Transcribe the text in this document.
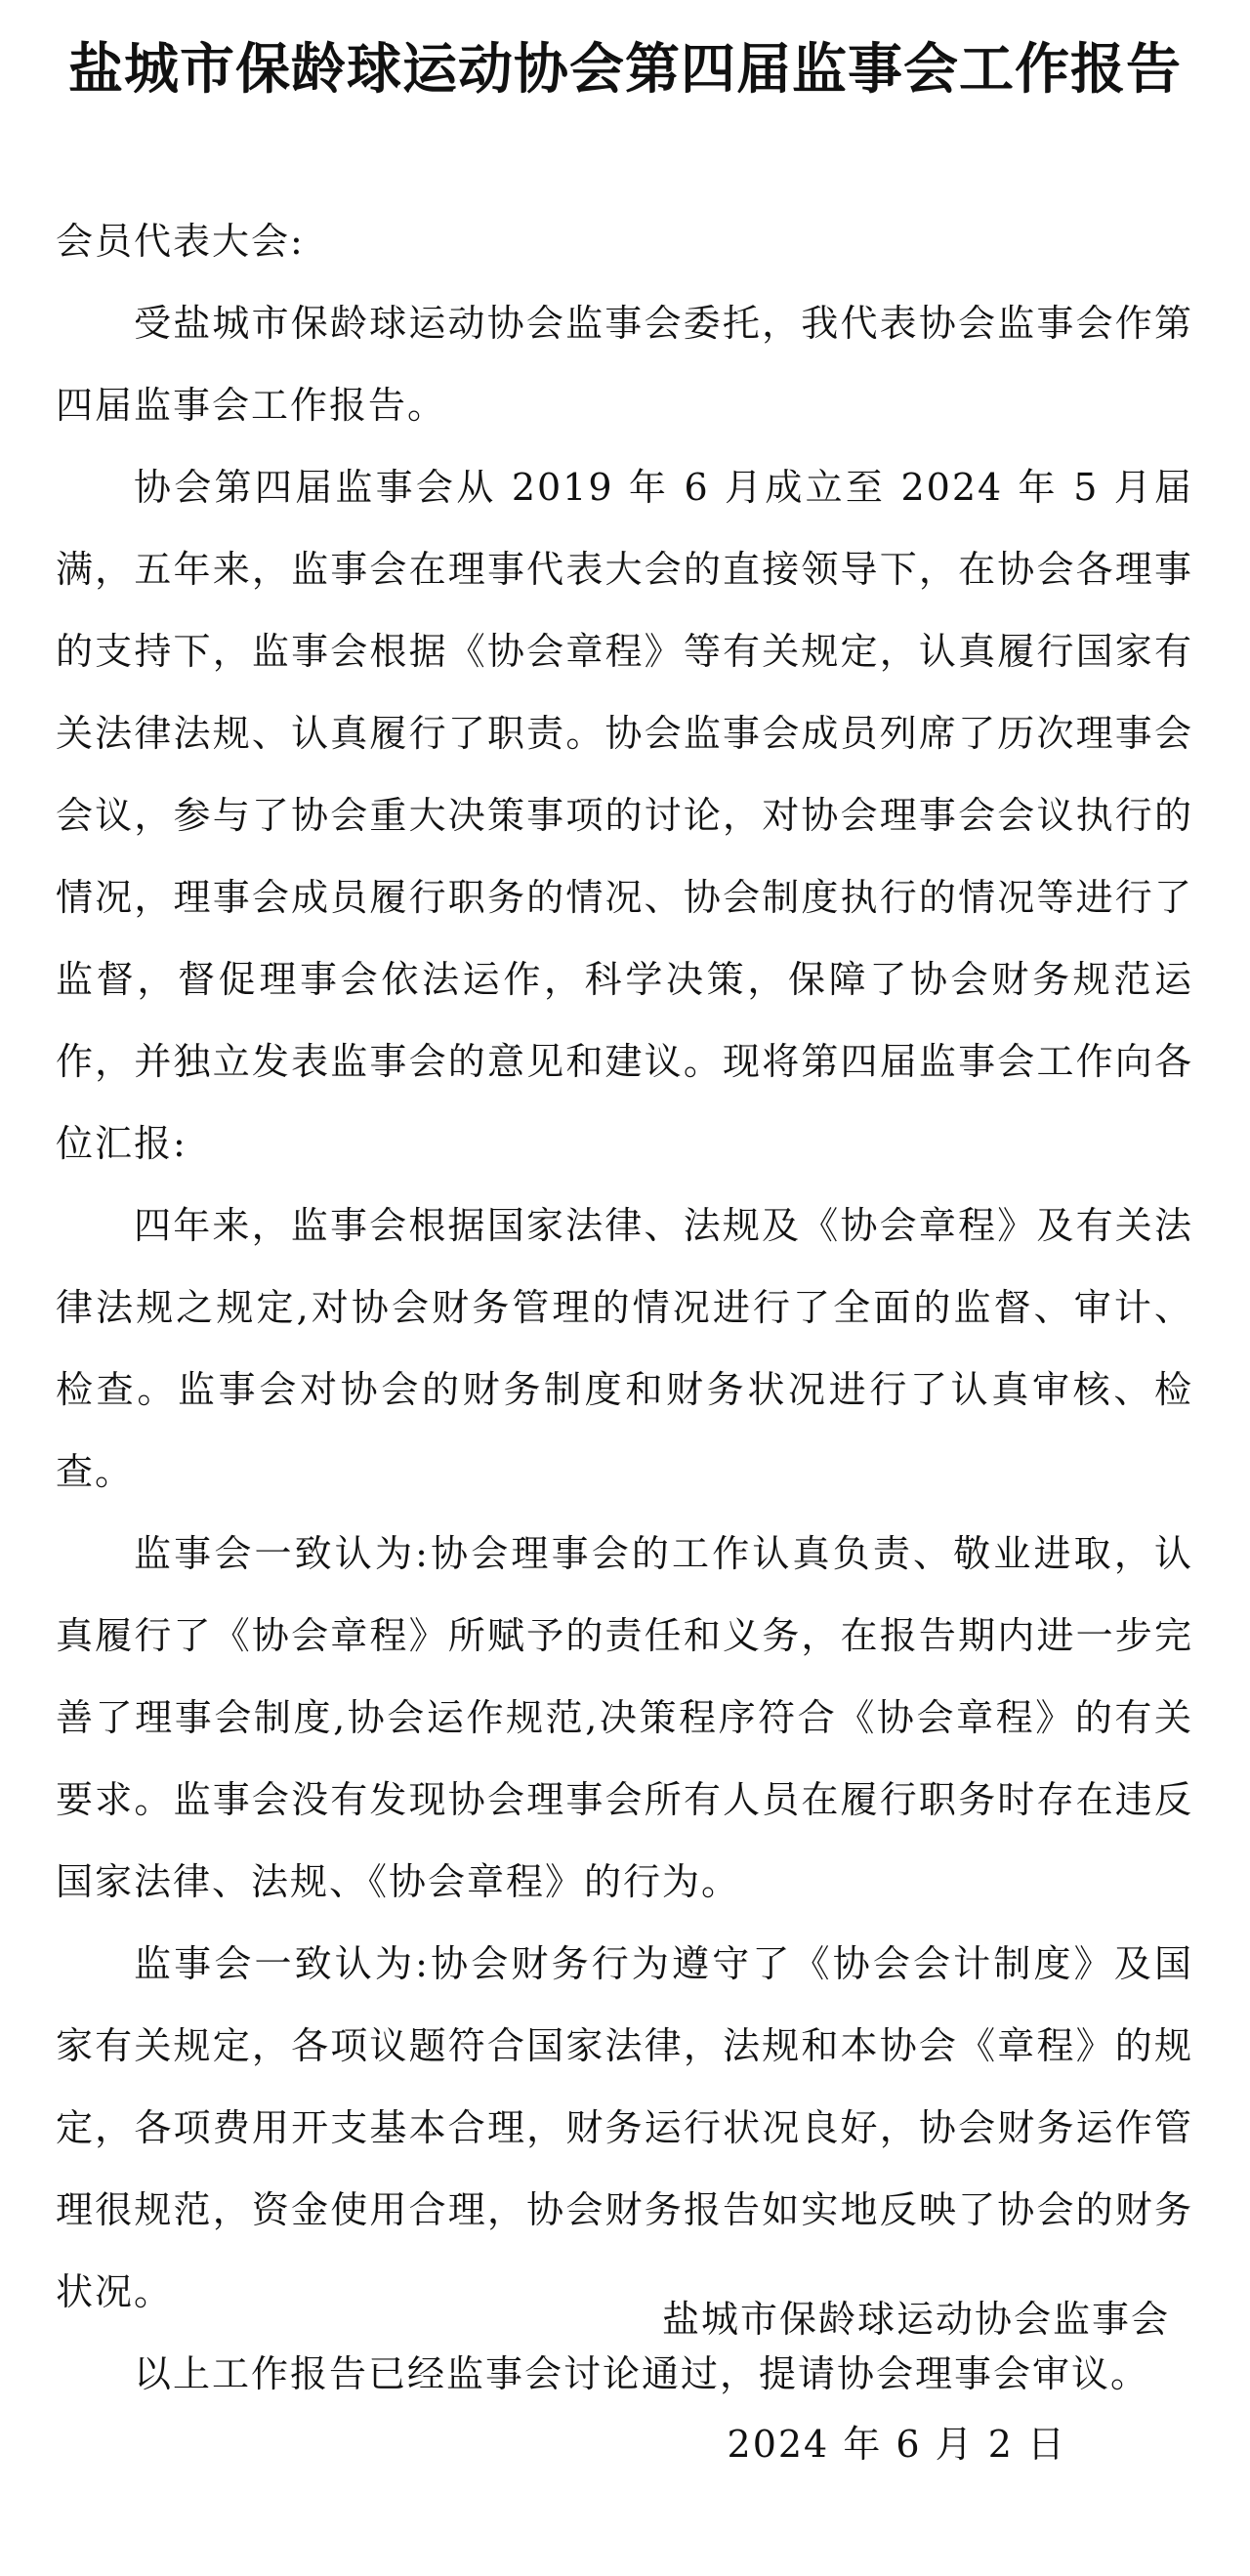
盐城市保龄球运动协会第四届监事会工作报告

会员代表大会:

受盐城市保龄球运动协会监事会委托，我代表协会监事会作第四届监事会工作报告。

协会第四届监事会从 2019 年 6 月成立至 2024 年 5 月届满，五年来，监事会在理事代表大会的直接领导下，在协会各理事的支持下，监事会根据《协会章程》等有关规定，认真履行国家有关法律法规、认真履行了职责。协会监事会成员列席了历次理事会会议，参与了协会重大决策事项的讨论，对协会理事会会议执行的情况，理事会成员履行职务的情况、协会制度执行的情况等进行了监督，督促理事会依法运作，科学决策，保障了协会财务规范运作，并独立发表监事会的意见和建议。现将第四届监事会工作向各位汇报:

四年来，监事会根据国家法律、法规及《协会章程》及有关法律法规之规定,对协会财务管理的情况进行了全面的监督、审计、检查。监事会对协会的财务制度和财务状况进行了认真审核、检查。

监事会一致认为:协会理事会的工作认真负责、敬业进取，认真履行了《协会章程》所赋予的责任和义务，在报告期内进一步完善了理事会制度,协会运作规范,决策程序符合《协会章程》的有关要求。监事会没有发现协会理事会所有人员在履行职务时存在违反国家法律、法规、《协会章程》的行为。

监事会一致认为:协会财务行为遵守了《协会会计制度》及国家有关规定，各项议题符合国家法律，法规和本协会《章程》的规定，各项费用开支基本合理，财务运行状况良好，协会财务运作管理很规范，资金使用合理，协会财务报告如实地反映了协会的财务状况。

以上工作报告已经监事会讨论通过，提请协会理事会审议。

盐城市保龄球运动协会监事会
2024 年 6 月 2 日
